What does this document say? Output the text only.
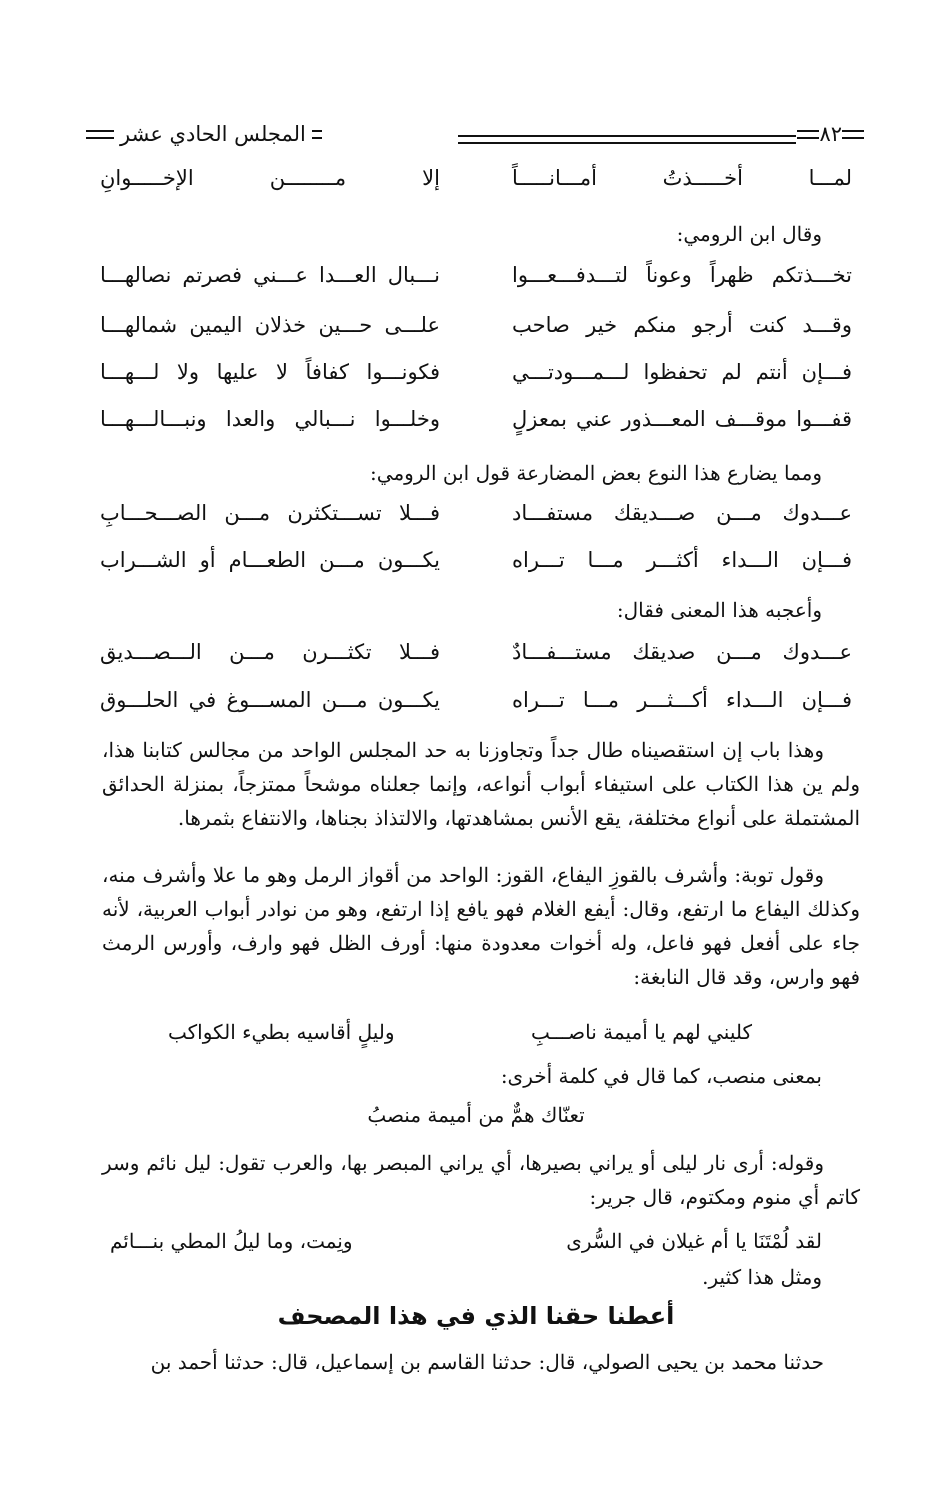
٨٢
المجلس الحادي عشر
لمـــا أخـــــذتُ أمـــانـــــاً
إلا مــــــــن الإخـــــوانِ
وقال ابن الرومي:
تخـــذتكم ظهراً وعوناً لتـــدفـــعـــوا
نـــبال العـــدا عـــني فصرتم نصالهـــا
وقـــد كنت أرجو منكم خير صاحب
علـــى حـــين خذلان اليمين شمالهـــا
فـــإن أنتم لم تحفظوا لـــمـــودتـــي
فكونـــوا كفافاً لا عليها ولا لـــهـــا
قفـــوا موقـــف المعـــذور عني بمعزلٍ
وخلـــوا نـــبالي والعدا ونبـــالـــهـــا
ومما يضارع هذا النوع بعض المضارعة قول ابن الرومي:
عـــدوك مـــن صـــديقك مستفـــاد
فـــلا تســـتكثرن مـــن الصـــحـــابِ
فـــإن الـــداء أكثـــر مـــا تـــراه
يكـــون مـــن الطعـــام أو الشـــراب
وأعجبه هذا المعنى فقال:
عـــدوك مـــن صديقك مستـــفـــادٌ
فـــلا تكثـــرن مـــن الـــصـــديق
فـــإن الـــداء أكـــثـــر مـــا تـــراه
يكـــون مـــن المســـوغ في الحلـــوق

وهذا باب إن استقصيناه طال جداً وتجاوزنا به حد المجلس الواحد من مجالس كتابنا هذا، ولم ين هذا الكتاب على استيفاء أبواب أنواعه، وإنما جعلناه موشحاً ممتزجاً، بمنزلة الحدائق المشتملة على أنواع مختلفة، يقع الأنس بمشاهدتها، والالتذاذ بجناها، والانتفاع بثمرها.

وقول توبة: وأشرف بالقوزِ اليفاع، القوز: الواحد من أقواز الرمل وهو ما علا وأشرف منه، وكذلك اليفاع ما ارتفع، وقال: أيفع الغلام فهو يافع إذا ارتفع، وهو من نوادر أبواب العربية، لأنه جاء على أفعل فهو فاعل، وله أخوات معدودة منها: أورف الظل فهو وارف، وأورس الرمث فهو وارس، وقد قال النابغة:

كليني لهم يا أميمة ناصـــبِ
وليلٍ أقاسيه بطيء الكواكب
بمعنى منصب، كما قال في كلمة أخرى:
تعنّاك همٌّ من أميمة منصبُ

وقوله: أرى نار ليلى أو يراني بصيرها، أي يراني المبصر بها، والعرب تقول: ليل نائم وسر كاتم أي منوم ومكتوم، قال جرير:

لقد لُمْتَنَا يا أم غيلان في السُّرى
ونِمت، وما ليلُ المطي بنـــائم
ومثل هذا كثير.
أعطنا حقنا الذي في هذا المصحف

حدثنا محمد بن يحيى الصولي، قال: حدثنا القاسم بن إسماعيل، قال: حدثنا أحمد بن
